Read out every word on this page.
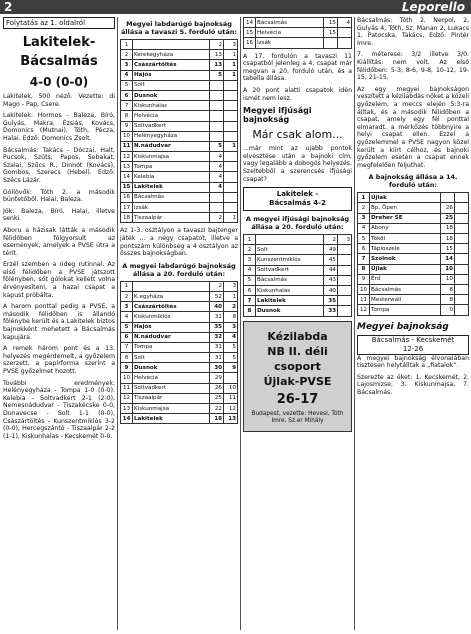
2	Leporello
Folytatás az 1. oldalról
Lakitelek-
Bácsalmás
4-0 (0-0)

Lakitelek, 500 néző. Vezette: di Mago - Pap, Csere.

Lakitelek: Hormos - Baleza, Bíró, Gulyás, Makra, Ézsiás, Kovács, Domonics (Mutnai), Tóth, Pécza, Halai. Edző: Domonics Zsolt.

Bácsalmás: Takács - Dóczai, Halt, Pucsok, Szűts, Papos, Sebakat, Szalai, Szűcs R., Dinnót (Kovács), Gombos, Szerecs (Hebel). Edző: Szécs Lázár.

Góllövők: Tóth 2, a második büntetőből. Halai, Baleza.

Jók: Baleza, Bíró, Halai, illetve senki.

Aboru a házisak látták a második félidőben fölgyorsult az események, amelyek a PVSE útra a térít.

Erzél szemben a rideg rutinnal. Az első félidőben a PVSE játszott fölényben, sőt gólokat kellett volna érvényesíteni, a hazai csapat a kapust próbálta.

A harom ponttal pedig a PVSE, a második félidőben is állandó fölénybe került és a Lakitelek biztos bajnokként mehetett a Bácsalmás kapujára.

A remek három pont és a 13. helyezés megérdemelt, a győzelem szerzett, a papírforma szerint a PVSE győzelmet hozott.

További eredmények: Helényegyháza - Tompa 1-0 (0-0). Kelebia - Soltvadkert 2-1 (2-0), Nemesnádudvar - Tiszakécske 0-0, Dunavecse - Solt 1-1 (0-0), Császártöltés - Kunszentmiklós 3-2 (0-0), Hercegszántó - Tiszaalpár 2-2 (1-1), Kiskunhalas - Kecskemét 0-0.

Megyei labdarúgó bajnokság állása a tavaszi 5. forduló után:
1		2	3
2	Kerekegyháza	13	1
3	Császártöltés	13	1
4	Hajós	5	1
5	Solt		
6	Dusnok		
7	Kiskunhalas		
8	Helvécia		
9	Soltvadkert		
10	Helényegyháza		
11	N.nádudvar	5	1
12	Kiskunmajsa	4	
13	Tompa	4	
14	Kelebia	4	
15	Lakitelek	4	
16	Bácsalmás		
17	Izsák		
18	Tiszaalpár	2	1

Az 1-3. osztályon a tavaszi bajtenger játék ... a négy csapatot, illetve a pontszám különbség a 4 osztályon az összes bajnokságban.

A megyei labdarúgó bajnokság állása a 20. forduló után:
1		2	3
2	K.egyháza	52	1
3	Császártöltés	40	2
4	Kiskunmiklós	31	8
5	Hajós	35	3
6	N.nádudvar	32	4
7	Tompa	31	5
8	Solt	31	5
9	Dusnok	30	9
10	Helvécia	29	
11	Soltvadkert	26	10
12	Tiszaalpár	25	11
13	Kiskunmajsa	22	12
14	Lakitelek	18	13
14	Bácsalmás	15	4
15	Helvécia	15	
16	Izsák		

A 17. fordulón a tavaszi 11 csapatból jelenleg a 4. csapat már megvan a 20. forduló után, és a tabella állása.

A 20 pont alatti csapatok idén ismét nem lesz.

Megyei ifjúsági bajnokság
Már csak alom...

...már mint az ujabb pontok elvesztése után a bajnoki cím, vagy legalább a dobogós helyezés. Szeltebből a szerencsés ifjúsági csapat?

Lakitelek -
Bácsalmás 4-2
A megyei ifjúsági bajnokság állása a 20. forduló után:
1		2	3
2	Solt	49	
3	Kunszentmiklós	45	
4	Soltvadkert	44	
5	Bácsalmás	43	
6	Kiskunhalas	40	
7	Lakitelek	35	
8	Dusnok	33	
Kézilabda
NB II. déli
csoport
Újlak-PVSE
26-17
Budapest, vezette: Hevesi, Tóth Imre, Sz.er Mihály

Bácsalmás: Tóth 2, Nerpol, 2, Gulyás 4, Tóth, Sz. Manan 2, Lukacs 1, Patocska, Takács, Edző: Pintér Imre.

7. méterese: 3/2 illetve 3/0. Kiállítás: nem volt. Az első félidőben: 5-3, 8-6, 9-8, 10-12, 19-15, 21-15.

Az egy megyei bajnokságon veszített a kézilabdás nőket a közeli győzelem, a meccs elején 5:3-ra álltak, és a második félidőben a csapat, amely egy fél ponttal elmaradt, a mérkőzés többnyire a helyi csapat ellen. Ezzel a győzelemmel a PVSE nagyon közel került a kiírt célhoz, és bajnoki győzelem esetén a csapat ennek megfelelően feljuthat.

A bajnokság állása a 14. forduló után:
1	Újlak		
2	Bp. Öpen	26	
3	Dreher SE	25	
4	Abony	18	
5	Tököl	18	
6	Tápioszele	15	
7	Szolnok	14	
8	Újlak	10	
9	Érd	10	
10	Bácsalmás	8	
11	Mesterwall	8	
12	Tompa	0	
Megyei bajnokság
Bácsalmás - Kecskemét
12-26

A megyei bajnokság élvonalában tisztesen helytálltak a „fiatalok”.

Szerezte az éket: 1. Kecskemét, 2. Lajosmizse, 3. Kiskunmajsa, 7. Bácsalmás.
